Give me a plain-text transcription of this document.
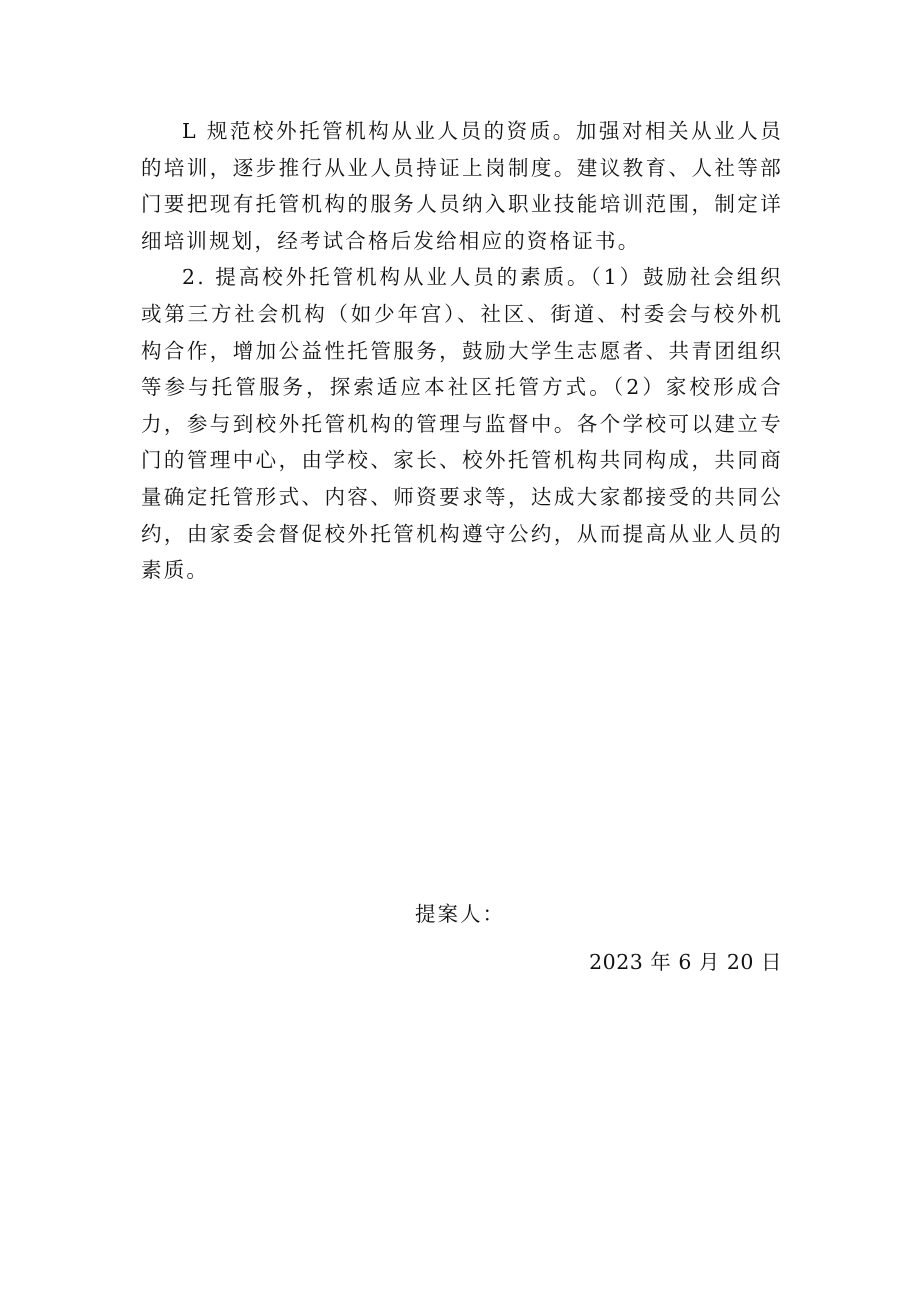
L 规范校外托管机构从业人员的资质。加强对相关从业人员的培训，逐步推行从业人员持证上岗制度。建议教育、人社等部门要把现有托管机构的服务人员纳入职业技能培训范围，制定详细培训规划，经考试合格后发给相应的资格证书。

2. 提高校外托管机构从业人员的素质。（1）鼓励社会组织或第三方社会机构（如少年宫）、社区、街道、村委会与校外机构合作，增加公益性托管服务，鼓励大学生志愿者、共青团组织等参与托管服务，探索适应本社区托管方式。（2）家校形成合力，参与到校外托管机构的管理与监督中。各个学校可以建立专门的管理中心，由学校、家长、校外托管机构共同构成，共同商量确定托管形式、内容、师资要求等，达成大家都接受的共同公约，由家委会督促校外托管机构遵守公约，从而提高从业人员的素质。

提案人：
2023 年 6 月 20 日
